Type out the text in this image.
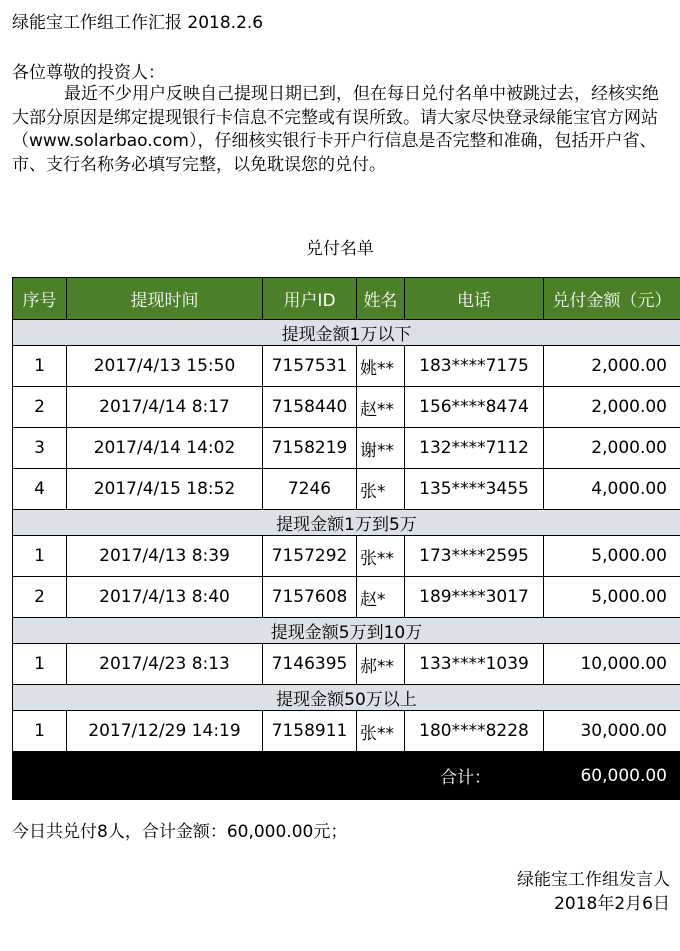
绿能宝工作组工作汇报 2018.2.6
各位尊敬的投资人：
最近不少用户反映自己提现日期已到，但在每日兑付名单中被跳过去，经核实绝大部分原因是绑定提现银行卡信息不完整或有误所致。请大家尽快登录绿能宝官方网站（www.solarbao.com），仔细核实银行卡开户行信息是否完整和准确，包括开户省、市、支行名称务必填写完整，以免耽误您的兑付。
兑付名单
序号	提现时间	用户ID	姓名	电话	兑付金额（元）
提现金额1万以下					
1	2017/4/13 15:50	7157531	姚**	183****7175	2,000.00
2	2017/4/14 8:17	7158440	赵**	156****8474	2,000.00
3	2017/4/14 14:02	7158219	谢**	132****7112	2,000.00
4	2017/4/15 18:52	7246	张*	135****3455	4,000.00
提现金额1万到5万					
1	2017/4/13 8:39	7157292	张**	173****2595	5,000.00
2	2017/4/13 8:40	7157608	赵*	189****3017	5,000.00
提现金额5万到10万					
1	2017/4/23 8:13	7146395	郝**	133****1039	10,000.00
提现金额50万以上					
1	2017/12/29 14:19	7158911	张**	180****8228	30,000.00
合计：					60,000.00
今日共兑付8人，合计金额：60,000.00元；
绿能宝工作组发言人
2018年2月6日
